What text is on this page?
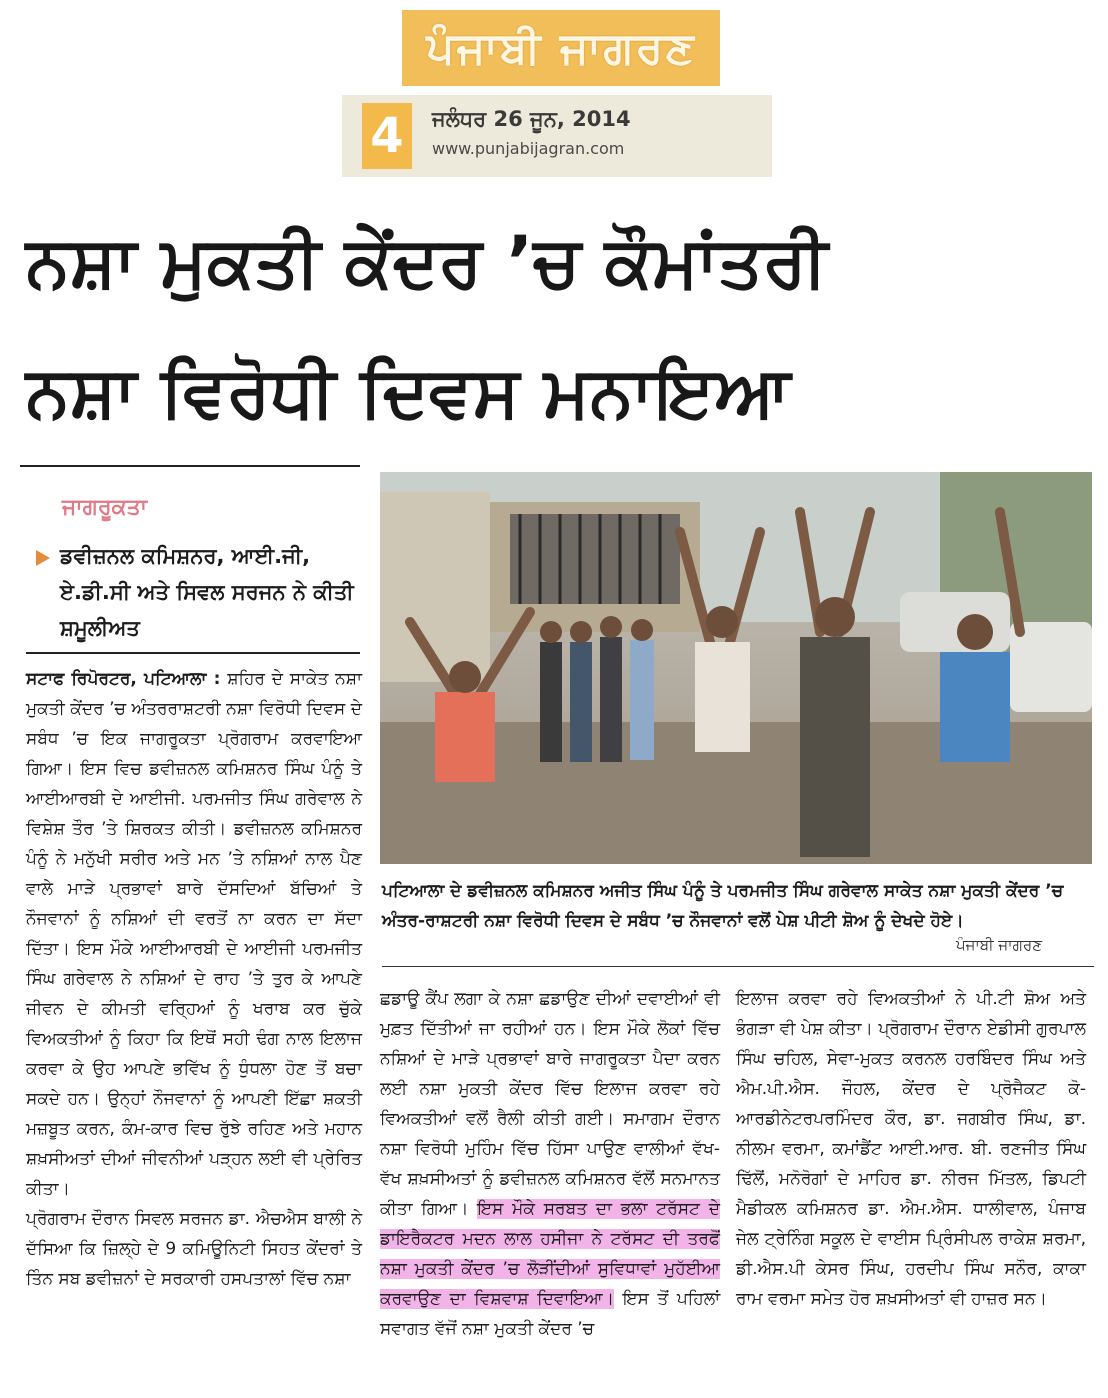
ਪੰਜਾਬੀ ਜਾਗਰਣ
4	ਜਲੰਧਰ 26 ਜੂਨ, 2014
www.punjabijagran.com
ਨਸ਼ਾ ਮੁਕਤੀ ਕੇਂਦਰ ’ਚ ਕੌਮਾਂਤਰੀ
ਨਸ਼ਾ ਵਿਰੋਧੀ ਦਿਵਸ ਮਨਾਇਆ
ਜਾਗਰੂਕਤਾ
ਡਵੀਜ਼ਨਲ ਕਮਿਸ਼ਨਰ, ਆਈ.ਜੀ, ਏ.ਡੀ.ਸੀ ਅਤੇ ਸਿਵਲ ਸਰਜਨ ਨੇ ਕੀਤੀ ਸ਼ਮੂਲੀਅਤ
ਪਟਿਆਲਾ ਦੇ ਡਵੀਜ਼ਨਲ ਕਮਿਸ਼ਨਰ ਅਜੀਤ ਸਿੰਘ ਪੰਨੂੰ ਤੇ ਪਰਮਜੀਤ ਸਿੰਘ ਗਰੇਵਾਲ ਸਾਕੇਤ ਨਸ਼ਾ ਮੁਕਤੀ ਕੇਂਦਰ ’ਚ ਅੰਤਰ-ਰਾਸ਼ਟਰੀ ਨਸ਼ਾ ਵਿਰੋਧੀ ਦਿਵਸ ਦੇ ਸਬੰਧ ’ਚ ਨੌਜਵਾਨਾਂ ਵਲੋਂ ਪੇਸ਼ ਪੀਟੀ ਸ਼ੋਅ ਨੂੰ ਦੇਖਦੇ ਹੋਏ।
ਪੰਜਾਬੀ ਜਾਗਰਣ

ਸਟਾਫ ਰਿਪੋਰਟਰ, ਪਟਿਆਲਾ : ਸ਼ਹਿਰ ਦੇ ਸਾਕੇਤ ਨਸ਼ਾ ਮੁਕਤੀ ਕੇਂਦਰ ’ਚ ਅੰਤਰਰਾਸ਼ਟਰੀ ਨਸ਼ਾ ਵਿਰੋਧੀ ਦਿਵਸ ਦੇ ਸਬੰਧ ’ਚ ਇਕ ਜਾਗਰੂਕਤਾ ਪ੍ਰੋਗਰਾਮ ਕਰਵਾਇਆ ਗਿਆ। ਇਸ ਵਿਚ ਡਵੀਜ਼ਨਲ ਕਮਿਸ਼ਨਰ ਸਿੰਘ ਪੰਨੂੰ ਤੇ ਆਈਆਰਬੀ ਦੇ ਆਈਜੀ. ਪਰਮਜੀਤ ਸਿੰਘ ਗਰੇਵਾਲ ਨੇ ਵਿਸ਼ੇਸ਼ ਤੌਰ ’ਤੇ ਸ਼ਿਰਕਤ ਕੀਤੀ। ਡਵੀਜ਼ਨਲ ਕਮਿਸ਼ਨਰ ਪੰਨੂੰ ਨੇ ਮਨੁੱਖੀ ਸਰੀਰ ਅਤੇ ਮਨ ’ਤੇ ਨਸ਼ਿਆਂ ਨਾਲ ਪੈਣ ਵਾਲੇ ਮਾੜੇ ਪ੍ਰਭਾਵਾਂ ਬਾਰੇ ਦੱਸਦਿਆਂ ਬੱਚਿਆਂ ਤੇ ਨੌਜਵਾਨਾਂ ਨੂੰ ਨਸ਼ਿਆਂ ਦੀ ਵਰਤੋਂ ਨਾ ਕਰਨ ਦਾ ਸੱਦਾ ਦਿੱਤਾ। ਇਸ ਮੌਕੇ ਆਈਆਰਬੀ ਦੇ ਆਈਜੀ ਪਰਮਜੀਤ ਸਿੰਘ ਗਰੇਵਾਲ ਨੇ ਨਸ਼ਿਆਂ ਦੇ ਰਾਹ ’ਤੇ ਤੁਰ ਕੇ ਆਪਣੇ ਜੀਵਨ ਦੇ ਕੀਮਤੀ ਵਰ੍ਹਿਆਂ ਨੂੰ ਖਰਾਬ ਕਰ ਚੁੱਕੇ ਵਿਅਕਤੀਆਂ ਨੂੰ ਕਿਹਾ ਕਿ ਇਥੋਂ ਸਹੀ ਢੰਗ ਨਾਲ ਇਲਾਜ ਕਰਵਾ ਕੇ ਉਹ ਆਪਣੇ ਭਵਿੱਖ ਨੂੰ ਧੁੰਧਲਾ ਹੋਣ ਤੋਂ ਬਚਾ ਸਕਦੇ ਹਨ। ਉਨ੍ਹਾਂ ਨੌਜਵਾਨਾਂ ਨੂੰ ਆਪਣੀ ਇੱਛਾ ਸ਼ਕਤੀ ਮਜ਼ਬੂਤ ਕਰਨ, ਕੰਮ-ਕਾਰ ਵਿਚ ਰੁੱਝੇ ਰਹਿਣ ਅਤੇ ਮਹਾਨ ਸ਼ਖ਼ਸੀਅਤਾਂ ਦੀਆਂ ਜੀਵਨੀਆਂ ਪੜ੍ਹਨ ਲਈ ਵੀ ਪ੍ਰੇਰਿਤ ਕੀਤਾ।

ਪ੍ਰੋਗਰਾਮ ਦੌਰਾਨ ਸਿਵਲ ਸਰਜਨ ਡਾ. ਐਚਐਸ ਬਾਲੀ ਨੇ ਦੱਸਿਆ ਕਿ ਜ਼ਿਲ੍ਹੇ ਦੇ 9 ਕਮਿਊਨਿਟੀ ਸਿਹਤ ਕੇਂਦਰਾਂ ਤੇ ਤਿੰਨ ਸਬ ਡਵੀਜ਼ਨਾਂ ਦੇ ਸਰਕਾਰੀ ਹਸਪਤਾਲਾਂ ਵਿੱਚ ਨਸ਼ਾ

ਛਡਾਊ ਕੈਂਪ ਲਗਾ ਕੇ ਨਸ਼ਾ ਛਡਾਉਣ ਦੀਆਂ ਦਵਾਈਆਂ ਵੀ ਮੁਫ਼ਤ ਦਿੱਤੀਆਂ ਜਾ ਰਹੀਆਂ ਹਨ। ਇਸ ਮੌਕੇ ਲੋਕਾਂ ਵਿੱਚ ਨਸ਼ਿਆਂ ਦੇ ਮਾੜੇ ਪ੍ਰਭਾਵਾਂ ਬਾਰੇ ਜਾਗਰੂਕਤਾ ਪੈਦਾ ਕਰਨ ਲਈ ਨਸ਼ਾ ਮੁਕਤੀ ਕੇਂਦਰ ਵਿੱਚ ਇਲਾਜ ਕਰਵਾ ਰਹੇ ਵਿਅਕਤੀਆਂ ਵਲੋਂ ਰੈਲੀ ਕੀਤੀ ਗਈ। ਸਮਾਗਮ ਦੌਰਾਨ ਨਸ਼ਾ ਵਿਰੋਧੀ ਮੁਹਿੰਮ ਵਿੱਚ ਹਿੱਸਾ ਪਾਉਣ ਵਾਲੀਆਂ ਵੱਖ-ਵੱਖ ਸ਼ਖ਼ਸੀਅਤਾਂ ਨੂੰ ਡਵੀਜ਼ਨਲ ਕਮਿਸ਼ਨਰ ਵੱਲੋਂ ਸਨਮਾਨਤ ਕੀਤਾ ਗਿਆ। ਇਸ ਮੌਕੇ ਸਰਬਤ ਦਾ ਭਲਾ ਟਰੱਸਟ ਦੇ ਡਾਇਰੈਕਟਰ ਮਦਨ ਲਾਲ ਹਸੀਜਾ ਨੇ ਟਰੱਸਟ ਦੀ ਤਰਫੋਂ ਨਸ਼ਾ ਮੁਕਤੀ ਕੇਂਦਰ ’ਚ ਲੋੜੀਂਦੀਆਂ ਸੁਵਿਧਾਵਾਂ ਮੁਹੱਈਆ ਕਰਵਾਉਣ ਦਾ ਵਿਸ਼ਵਾਸ਼ ਦਿਵਾਇਆ। ਇਸ ਤੋਂ ਪਹਿਲਾਂ ਸਵਾਗਤ ਵੱਜੋਂ ਨਸ਼ਾ ਮੁਕਤੀ ਕੇਂਦਰ ’ਚ

ਇਲਾਜ ਕਰਵਾ ਰਹੇ ਵਿਅਕਤੀਆਂ ਨੇ ਪੀ.ਟੀ ਸ਼ੋਅ ਅਤੇ ਭੰਗੜਾ ਵੀ ਪੇਸ਼ ਕੀਤਾ। ਪ੍ਰੋਗਰਾਮ ਦੌਰਾਨ ਏਡੀਸੀ ਗੁਰਪਾਲ ਸਿੰਘ ਚਹਿਲ, ਸੇਵਾ-ਮੁਕਤ ਕਰਨਲ ਹਰਬਿੰਦਰ ਸਿੰਘ ਅਤੇ ਐਮ.ਪੀ.ਐਸ. ਜੌਹਲ, ਕੇਂਦਰ ਦੇ ਪ੍ਰੋਜੈਕਟ ਕੋ-ਆਰਡੀਨੇਟਰਪਰਮਿੰਦਰ ਕੌਰ, ਡਾ. ਜਗਬੀਰ ਸਿੰਘ, ਡਾ. ਨੀਲਮ ਵਰਮਾ, ਕਮਾਂਡੈਂਟ ਆਈ.ਆਰ. ਬੀ. ਰਣਜੀਤ ਸਿੰਘ ਢਿੱਲੋਂ, ਮਨੋਰੋਗਾਂ ਦੇ ਮਾਹਿਰ ਡਾ. ਨੀਰਜ ਮਿੱਤਲ, ਡਿਪਟੀ ਮੈਡੀਕਲ ਕਮਿਸ਼ਨਰ ਡਾ. ਐਮ.ਐਸ. ਧਾਲੀਵਾਲ, ਪੰਜਾਬ ਜੇਲ ਟ੍ਰੇਨਿੰਗ ਸਕੂਲ ਦੇ ਵਾਈਸ ਪ੍ਰਿੰਸੀਪਲ ਰਾਕੇਸ਼ ਸ਼ਰਮਾ, ਡੀ.ਐਸ.ਪੀ ਕੇਸਰ ਸਿੰਘ, ਹਰਦੀਪ ਸਿੰਘ ਸਨੌਰ, ਕਾਕਾ ਰਾਮ ਵਰਮਾ ਸਮੇਤ ਹੋਰ ਸ਼ਖ਼ਸੀਅਤਾਂ ਵੀ ਹਾਜ਼ਰ ਸਨ।
